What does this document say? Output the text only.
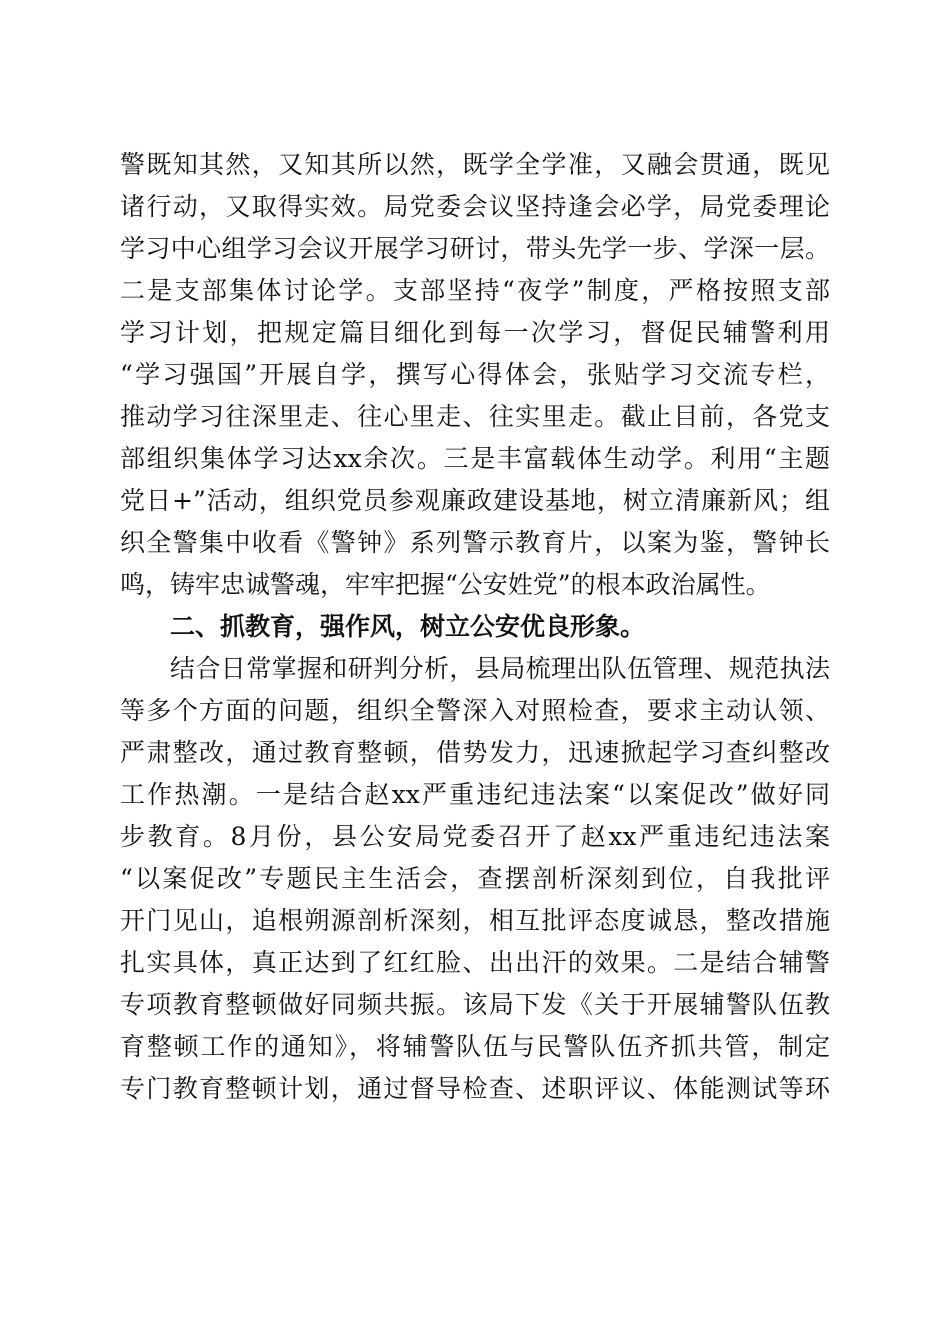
警既知其然，又知其所以然，既学全学准，又融会贯通，既见
诸行动，又取得实效。局党委会议坚持逢会必学，局党委理论
学习中心组学习会议开展学习研讨，带头先学一步、学深一层。
二是支部集体讨论学。支部坚持“夜学”制度，严格按照支部
学习计划，把规定篇目细化到每一次学习，督促民辅警利用
“学习强国”开展自学，撰写心得体会，张贴学习交流专栏，
推动学习往深里走、往心里走、往实里走。截止目前，各党支
部组织集体学习达xx余次。三是丰富载体生动学。利用“主题
党日+”活动，组织党员参观廉政建设基地，树立清廉新风；组
织全警集中收看《警钟》系列警示教育片，以案为鉴，警钟长
鸣，铸牢忠诚警魂，牢牢把握“公安姓党”的根本政治属性。
二、抓教育，强作风，树立公安优良形象。
结合日常掌握和研判分析，县局梳理出队伍管理、规范执法
等多个方面的问题，组织全警深入对照检查，要求主动认领、
严肃整改，通过教育整顿，借势发力，迅速掀起学习查纠整改
工作热潮。一是结合赵xx严重违纪违法案“以案促改”做好同
步教育。8月份，县公安局党委召开了赵xx严重违纪违法案
“以案促改”专题民主生活会，查摆剖析深刻到位，自我批评
开门见山，追根朔源剖析深刻，相互批评态度诚恳，整改措施
扎实具体，真正达到了红红脸、出出汗的效果。二是结合辅警
专项教育整顿做好同频共振。该局下发《关于开展辅警队伍教
育整顿工作的通知》，将辅警队伍与民警队伍齐抓共管，制定
专门教育整顿计划，通过督导检查、述职评议、体能测试等环
